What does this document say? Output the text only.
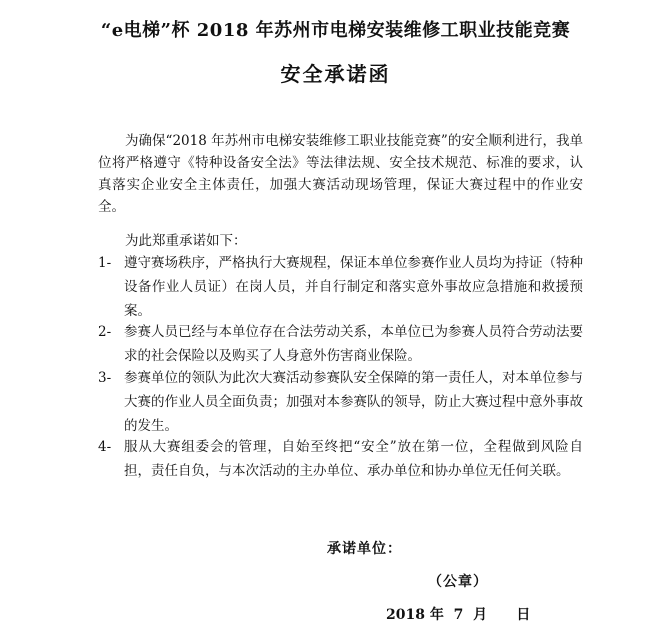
“e电梯”杯 2018 年苏州市电梯安装维修工职业技能竞赛
安全承诺函
为确保“2018 年苏州市电梯安装维修工职业技能竞赛”的安全顺利进行，我单位将严格遵守《特种设备安全法》等法律法规、安全技术规范、标准的要求，认真落实企业安全主体责任，加强大赛活动现场管理，保证大赛过程中的作业安全。
为此郑重承诺如下：
1- 遵守赛场秩序，严格执行大赛规程，保证本单位参赛作业人员均为持证（特种设备作业人员证）在岗人员，并自行制定和落实意外事故应急措施和救援预案。
2- 参赛人员已经与本单位存在合法劳动关系，本单位已为参赛人员符合劳动法要求的社会保险以及购买了人身意外伤害商业保险。
3- 参赛单位的领队为此次大赛活动参赛队安全保障的第一责任人，对本单位参与大赛的作业人员全面负责；加强对本参赛队的领导，防止大赛过程中意外事故的发生。
4- 服从大赛组委会的管理，自始至终把“安全”放在第一位，全程做到风险自担，责任自负，与本次活动的主办单位、承办单位和协办单位无任何关联。
承诺单位：
（公章）
2018 年  7  月      日
